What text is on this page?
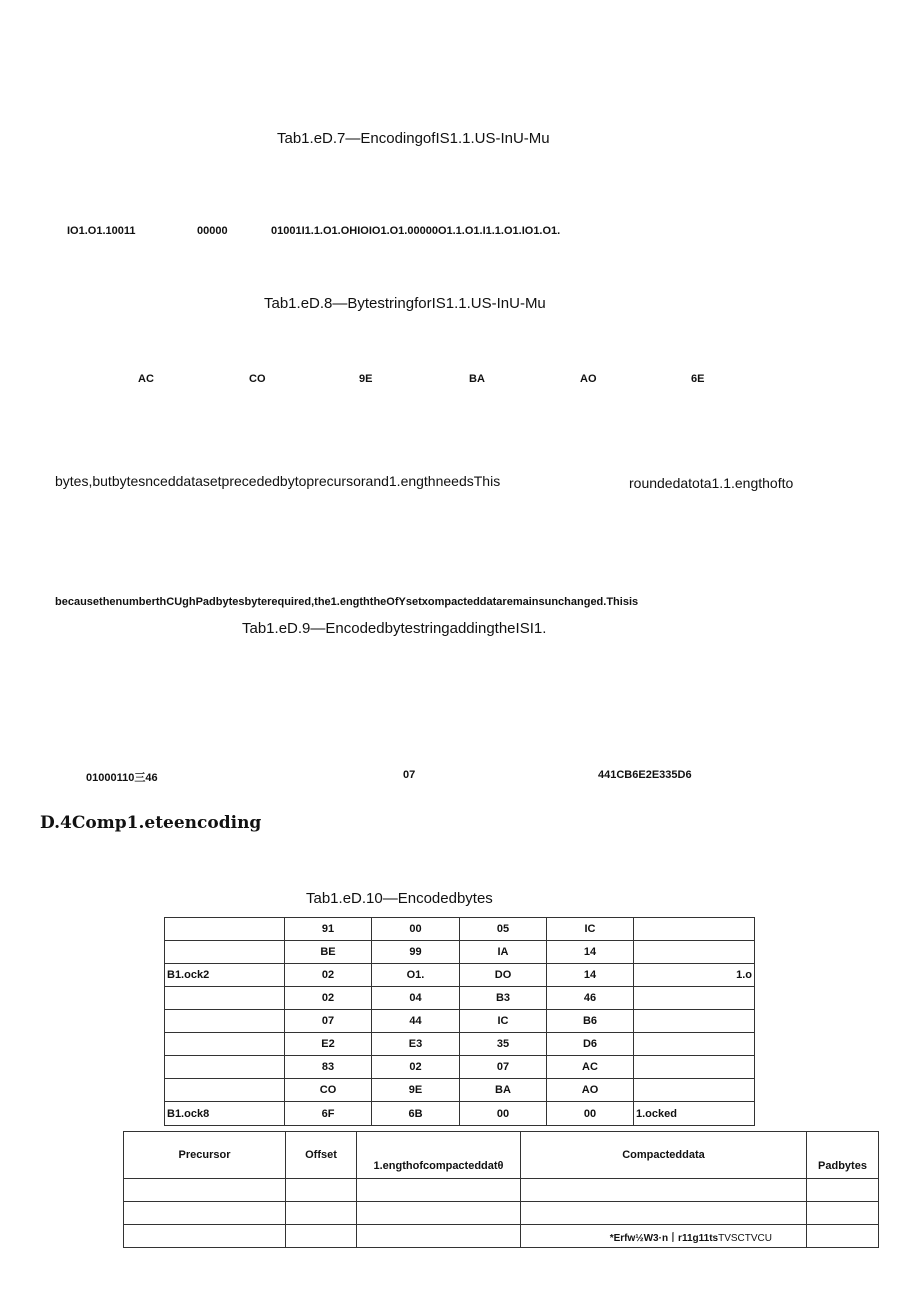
Tab1.eD.7—EncodingofIS1.1.US-InU-Mu
IO1.O1.10011	00000	01001I1.1.O1.OHIOIO1.O1.00000O1.1.O1.I1.1.O1.IO1.O1.
Tab1.eD.8—BytestringforIS1.1.US-InU-Mu
AC	CO	9E	BA	AO	6E
bytes,butbytesnceddatasetprecededbytoprecursorand1.engthneedsThis	roundedatota1.1.engthofto
becausethenumberthCUghPadbytesbyterequired,the1.engththeOfYsetxompacteddataremainsunchanged.Thisis
Tab1.eD.9—EncodedbytestringaddingtheISI1.
01000110三46	07	441CB6E2E335D6
D.4Comp1.eteencoding
Tab1.eD.10—Encodedbytes
	91	00	05	IC	
	BE	99	IA	14	
B1.ock2	02	O1.	DO	14	1.o
	02	04	B3	46	
	07	44	IC	B6	
	E2	E3	35	D6	
	83	02	07	AC	
	CO	9E	BA	AO	
B1.ock8	6F	6B	00	00	1.ocked
Precursor	Offset	1.engthofcompacteddatθ	Compacteddata	Padbytes

			*Erfw½W3·n丨r11g11tsTVSCTVCU	
